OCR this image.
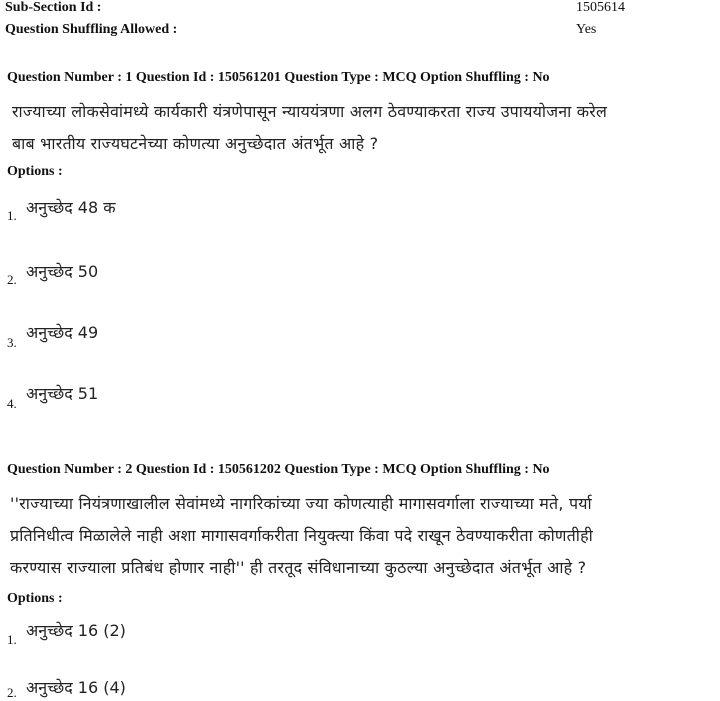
Sub-Section Id :	1505614
Question Shuffling Allowed :	Yes
Question Number : 1 Question Id : 150561201 Question Type : MCQ Option Shuffling : No
राज्याच्या लोकसेवांमध्ये कार्यकारी यंत्रणेपासून न्याययंत्रणा अलग ठेवण्याकरता राज्य उपाययोजना करेल
बाब भारतीय राज्यघटनेच्या कोणत्या अनुच्छेदात अंतर्भूत आहे ?
Options :
1. अनुच्छेद 48 क
2. अनुच्छेद 50
3.
अनुच्छेद 49
4.
अनुच्छेद 51
Question Number : 2 Question Id : 150561202 Question Type : MCQ Option Shuffling : No
''राज्याच्या नियंत्रणाखालील सेवांमध्ये नागरिकांच्या ज्या कोणत्याही मागासवर्गाला राज्याच्या मते, पर्या
प्रतिनिधीत्व मिळालेले नाही अशा मागासवर्गाकरीता नियुक्त्या किंवा पदे राखून ठेवण्याकरीता कोणतीही
करण्यास राज्याला प्रतिबंध होणार नाही'' ही तरतूद संविधानाच्या कुठल्या अनुच्छेदात अंतर्भूत आहे ?
Options :
1. अनुच्छेद 16 (2)
2. अनुच्छेद 16 (4)
